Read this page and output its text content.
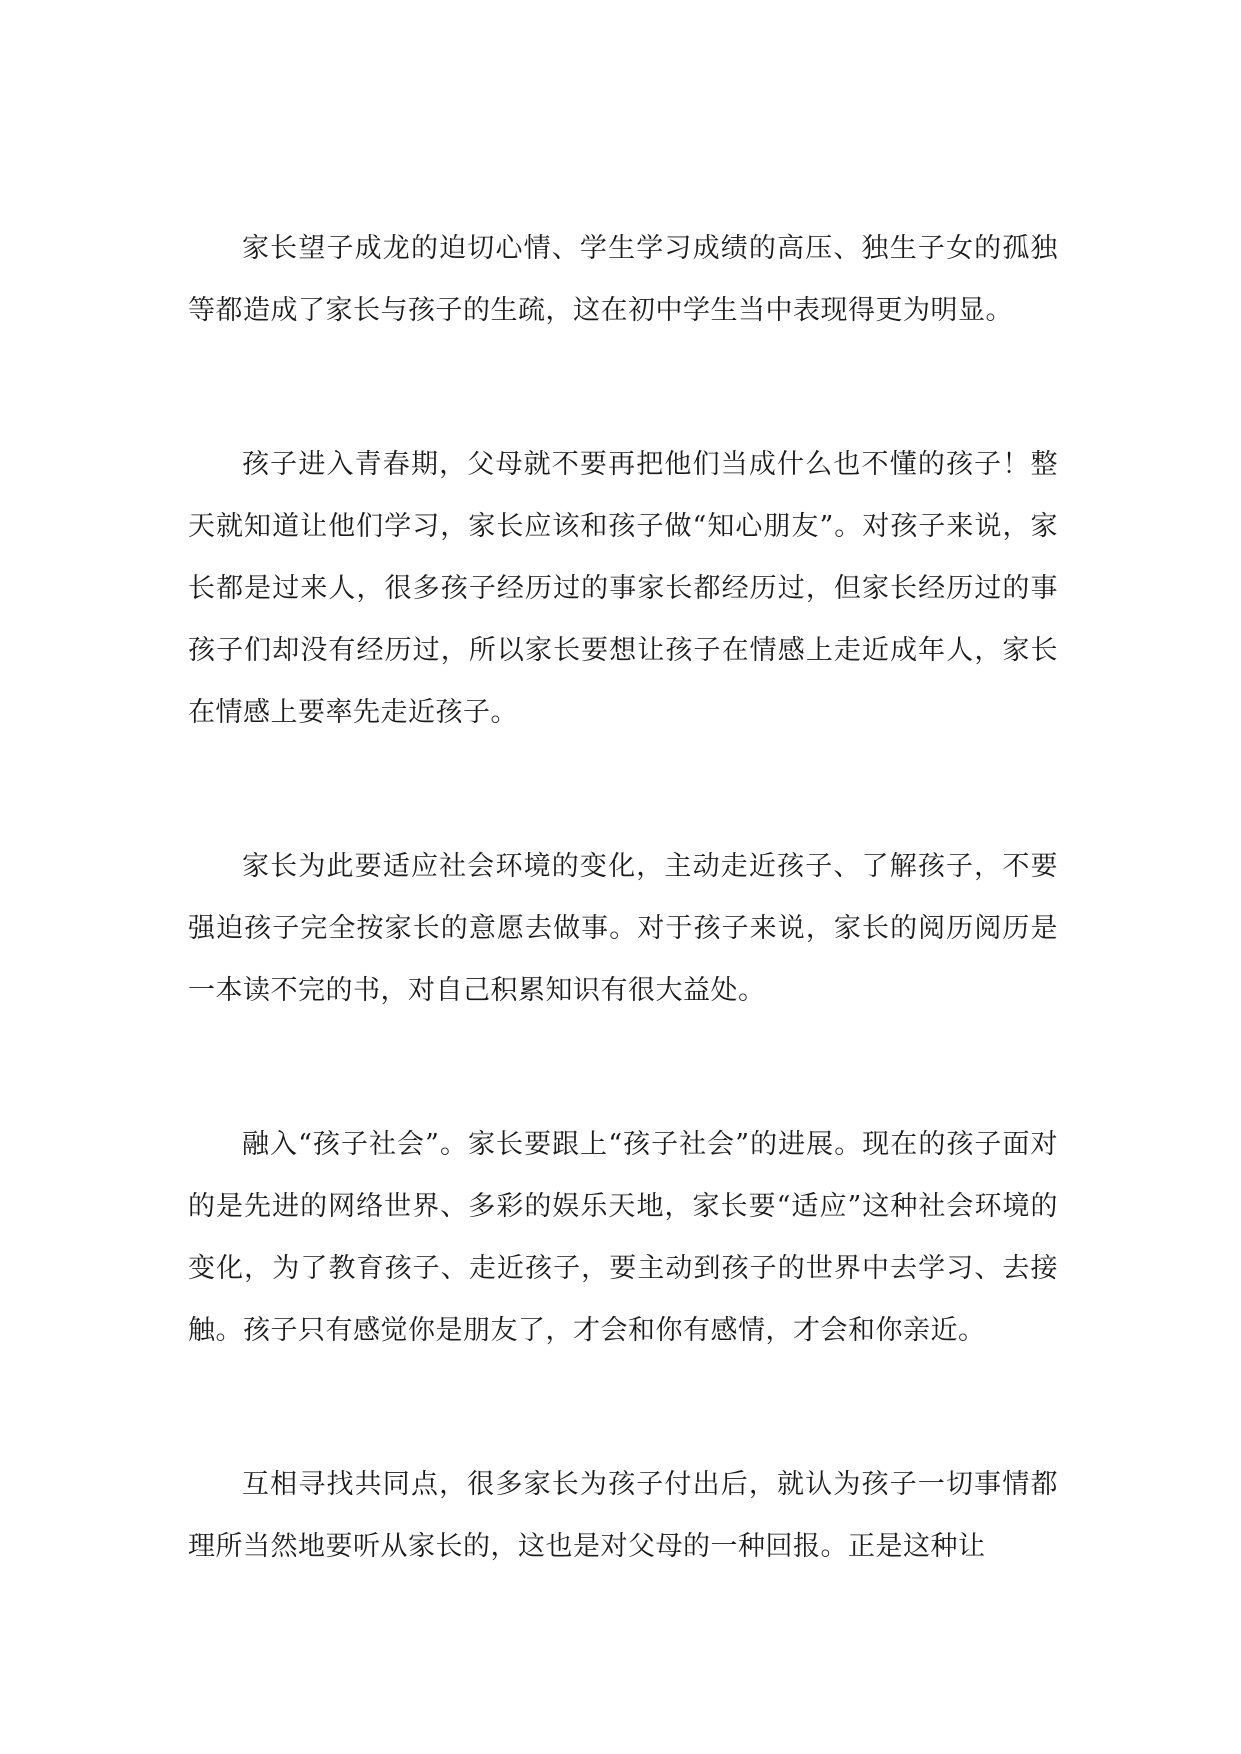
家长望子成龙的迫切心情、学生学习成绩的高压、独生子女的孤独等都造成了家长与孩子的生疏，这在初中学生当中表现得更为明显。

孩子进入青春期，父母就不要再把他们当成什么也不懂的孩子！整天就知道让他们学习，家长应该和孩子做“知心朋友”。对孩子来说，家长都是过来人，很多孩子经历过的事家长都经历过，但家长经历过的事孩子们却没有经历过，所以家长要想让孩子在情感上走近成年人，家长在情感上要率先走近孩子。

家长为此要适应社会环境的变化，主动走近孩子、了解孩子，不要强迫孩子完全按家长的意愿去做事。对于孩子来说，家长的阅历阅历是一本读不完的书，对自己积累知识有很大益处。

融入“孩子社会”。家长要跟上“孩子社会”的进展。现在的孩子面对的是先进的网络世界、多彩的娱乐天地，家长要“适应”这种社会环境的变化，为了教育孩子、走近孩子，要主动到孩子的世界中去学习、去接触。孩子只有感觉你是朋友了，才会和你有感情，才会和你亲近。

互相寻找共同点，很多家长为孩子付出后，就认为孩子一切事情都理所当然地要听从家长的，这也是对父母的一种回报。正是这种让
